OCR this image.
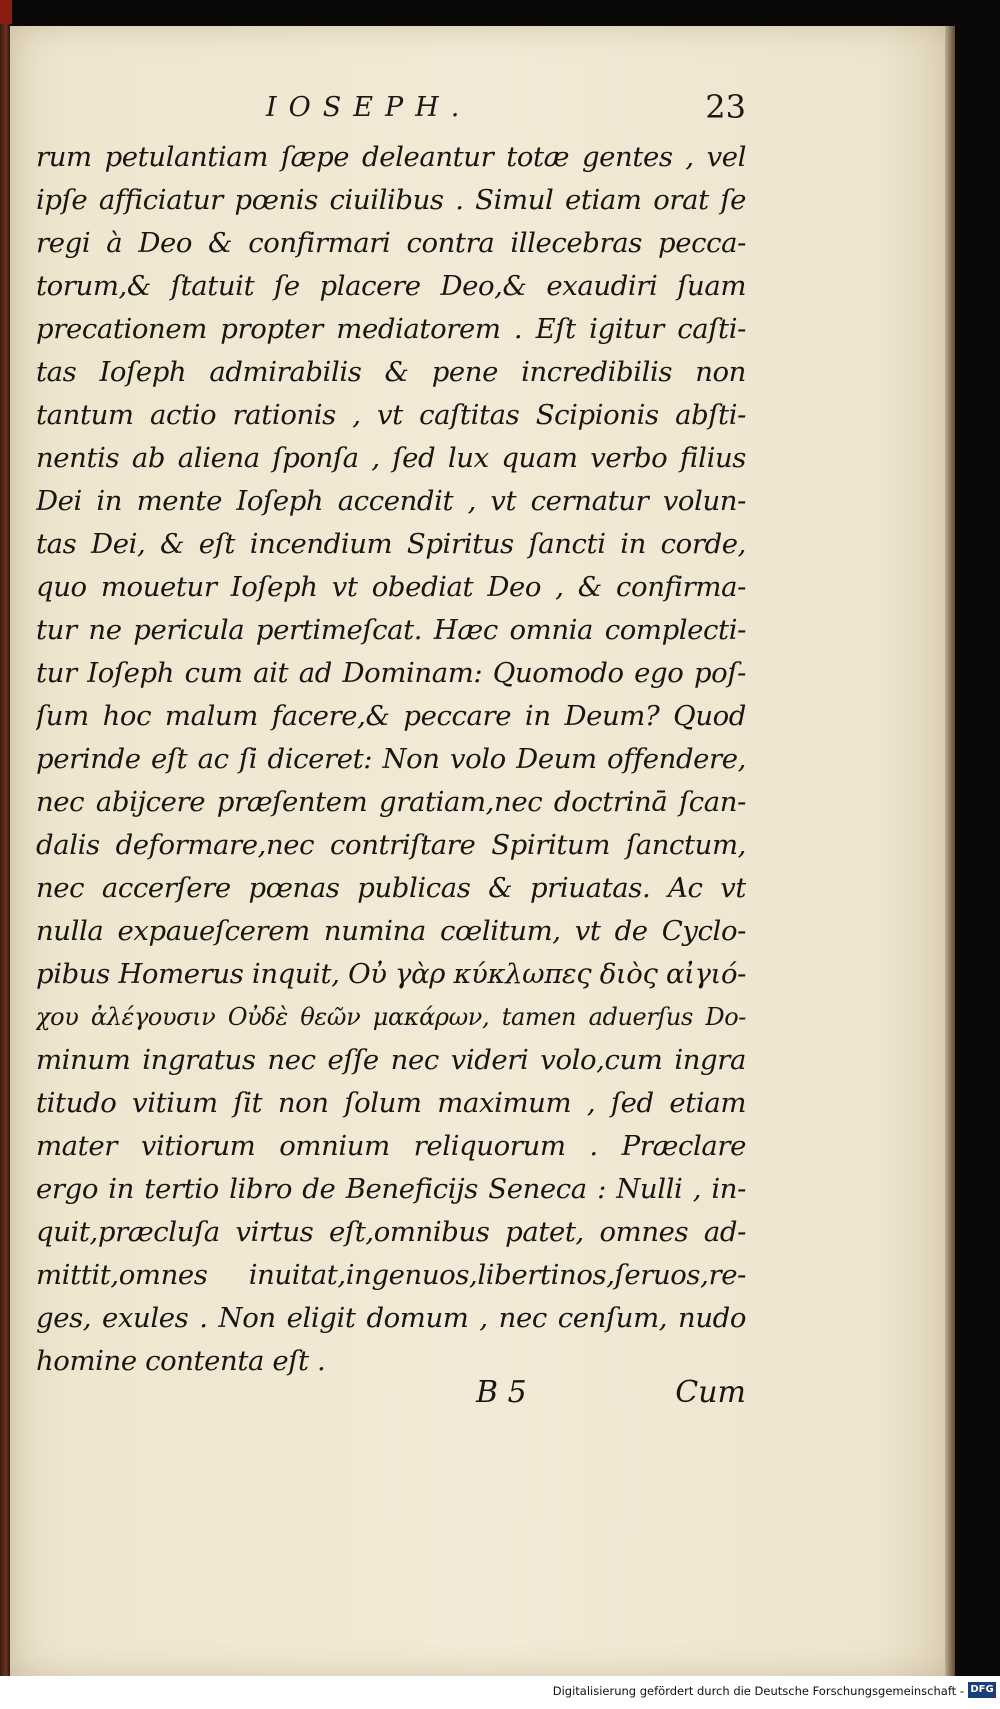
IOSEPH.	23
rum petulantiam ſæpe deleantur totæ gentes , vel
ipſe afficiatur pœnis ciuilibus . Simul etiam orat ſe
regi à Deo & confirmari contra illecebras pecca-
torum,& ſtatuit ſe placere Deo,& exaudiri ſuam
precationem propter mediatorem . Eſt igitur caſti-
tas Ioſeph admirabilis & pene incredibilis non
tantum actio rationis , vt caſtitas Scipionis abſti-
nentis ab aliena ſponſa , ſed lux quam verbo filius
Dei in mente Ioſeph accendit , vt cernatur volun-
tas Dei, & eſt incendium Spiritus ſancti in corde,
quo mouetur Ioſeph vt obediat Deo , & confirma-
tur ne pericula pertimeſcat. Hæc omnia complecti-
tur Ioſeph cum ait ad Dominam: Quomodo ego poſ-
ſum hoc malum facere,& peccare in Deum? Quod
perinde eſt ac ſi diceret: Non volo Deum offendere,
nec abijcere præſentem gratiam,nec doctrinā ſcan-
dalis deformare,nec contriſtare Spiritum ſanctum,
nec accerſere pœnas publicas & priuatas. Ac vt
nulla expaueſcerem numina cœlitum, vt de Cyclo-
pibus Homerus inquit, Οὐ γὰρ κύκλωπες διὸς αἰγιό-
χου ἀλέγουσιν Οὐδὲ θεῶν μακάρων, tamen aduerſus Do-
minum ingratus nec eſſe nec videri volo,cum ingra
titudo vitium ſit non ſolum maximum , ſed etiam
mater vitiorum omnium reliquorum . Præclare
ergo in tertio libro de Beneficijs Seneca : Nulli , in-
quit,præcluſa virtus eſt,omnibus patet, omnes ad-
mittit,omnes inuitat,ingenuos,libertinos,ſeruos,re-
ges, exules . Non eligit domum , nec cenſum, nudo
homine contenta eſt .
B 5	Cum
Digitalisierung gefördert durch die Deutsche Forschungsgemeinschaft - DFG
